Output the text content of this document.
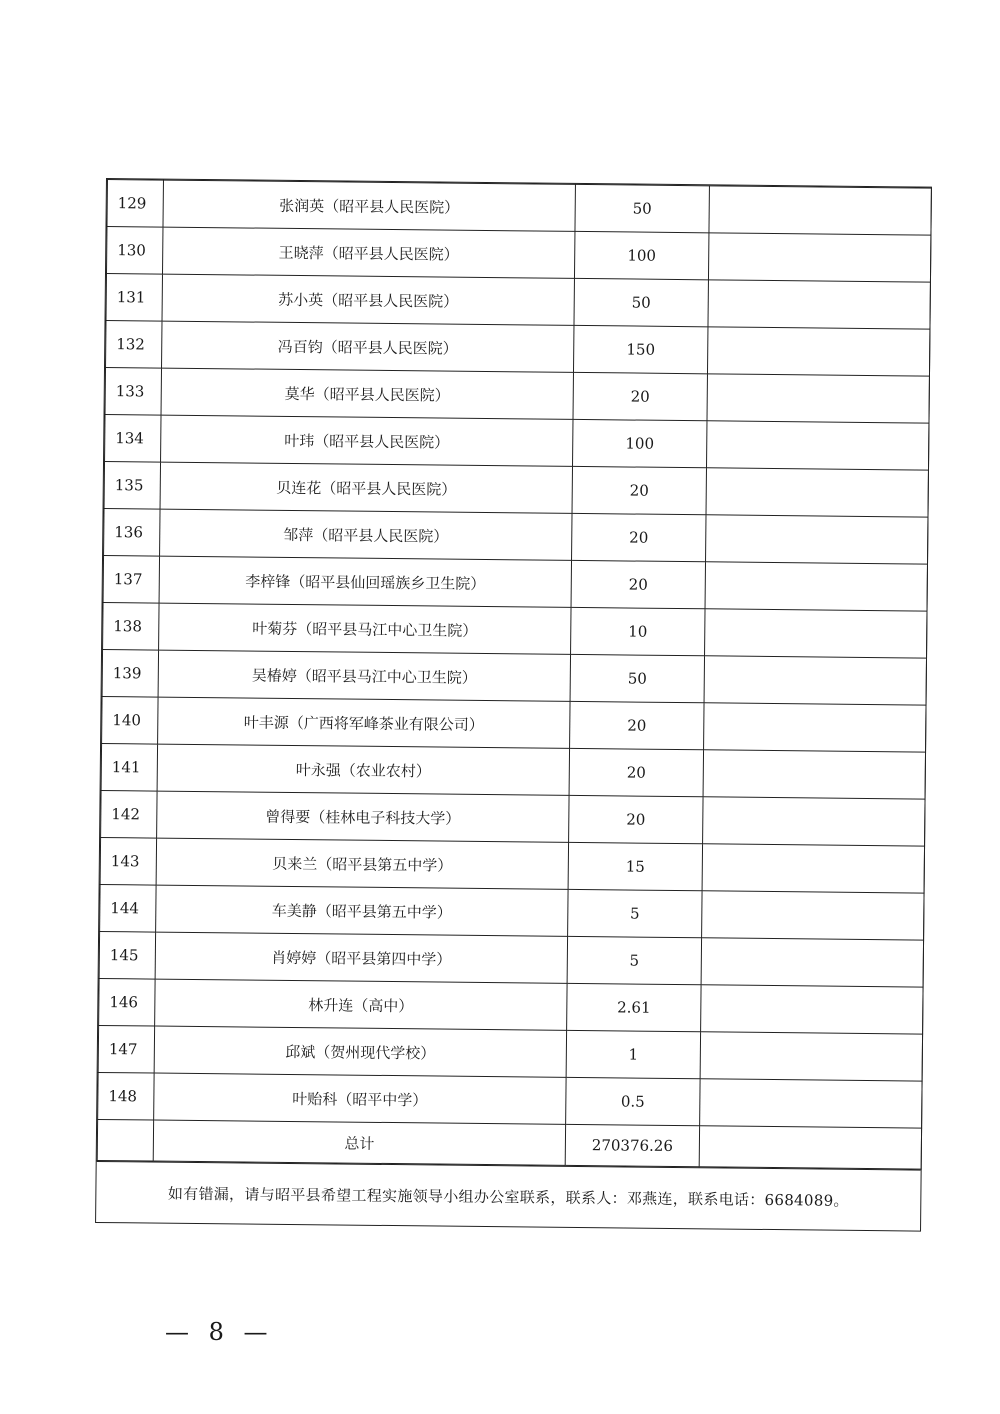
129	张润英（昭平县人民医院）	50	
130	王晓萍（昭平县人民医院）	100	
131	苏小英（昭平县人民医院）	50	
132	冯百钧（昭平县人民医院）	150	
133	莫华（昭平县人民医院）	20	
134	叶玮（昭平县人民医院）	100	
135	贝连花（昭平县人民医院）	20	
136	邹萍（昭平县人民医院）	20	
137	李梓锋（昭平县仙回瑶族乡卫生院）	20	
138	叶菊芬（昭平县马江中心卫生院）	10	
139	吴椿婷（昭平县马江中心卫生院）	50	
140	叶丰源（广西将军峰茶业有限公司）	20	
141	叶永强（农业农村）	20	
142	曾得要（桂林电子科技大学）	20	
143	贝来兰（昭平县第五中学）	15	
144	车美静（昭平县第五中学）	5	
145	肖婷婷（昭平县第四中学）	5	
146	林升连（高中）	2.61	
147	邱斌（贺州现代学校）	1	
148	叶贻科（昭平中学）	0.5	
	总计	270376.26	
如有错漏，请与昭平县希望工程实施领导小组办公室联系，联系人：邓燕连，联系电话：6684089。
— 8 —
